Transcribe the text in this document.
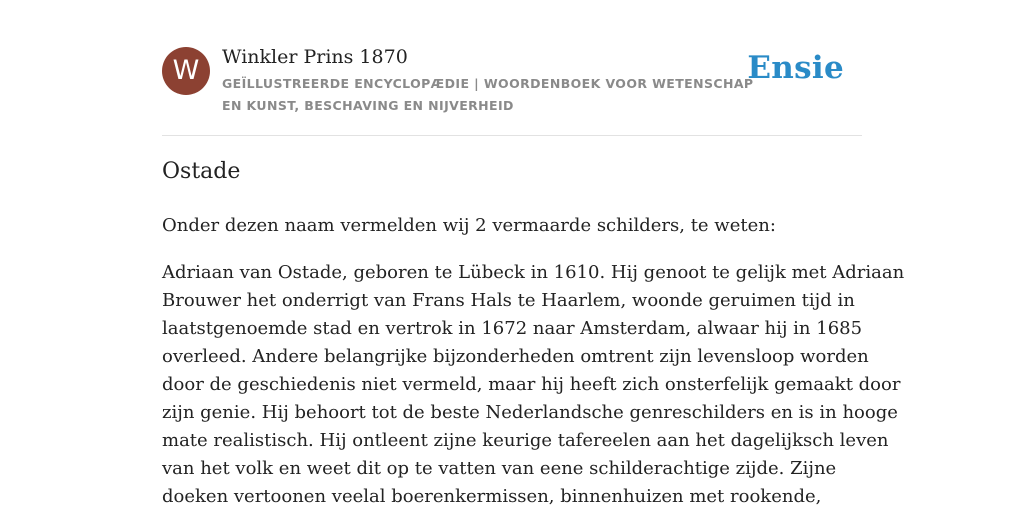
W	Winkler Prins 1870
GEÏLLUSTREERDE ENCYCLOPÆDIE | WOORDENBOEK VOOR WETENSCHAP EN KUNST, BESCHAVING EN NIJVERHEID
Ensie
Ostade

Onder dezen naam vermelden wij 2 vermaarde schilders, te weten:

Adriaan van Ostade, geboren te Lübeck in 1610. Hij genoot te gelijk met Adriaan
Brouwer het onderrigt van Frans Hals te Haarlem, woonde geruimen tijd in
laatstgenoemde stad en vertrok in 1672 naar Amsterdam, alwaar hij in 1685
overleed. Andere belangrijke bijzonderheden omtrent zijn levensloop worden
door de geschiedenis niet vermeld, maar hij heeft zich onsterfelijk gemaakt door
zijn genie. Hij behoort tot de beste Nederlandsche genreschilders en is in hooge
mate realistisch. Hij ontleent zijne keurige tafereelen aan het dagelijksch leven
van het volk en weet dit op te vatten van eene schilderachtige zijde. Zijne
doeken vertoonen veelal boerenkermissen, binnenhuizen met rookende,
